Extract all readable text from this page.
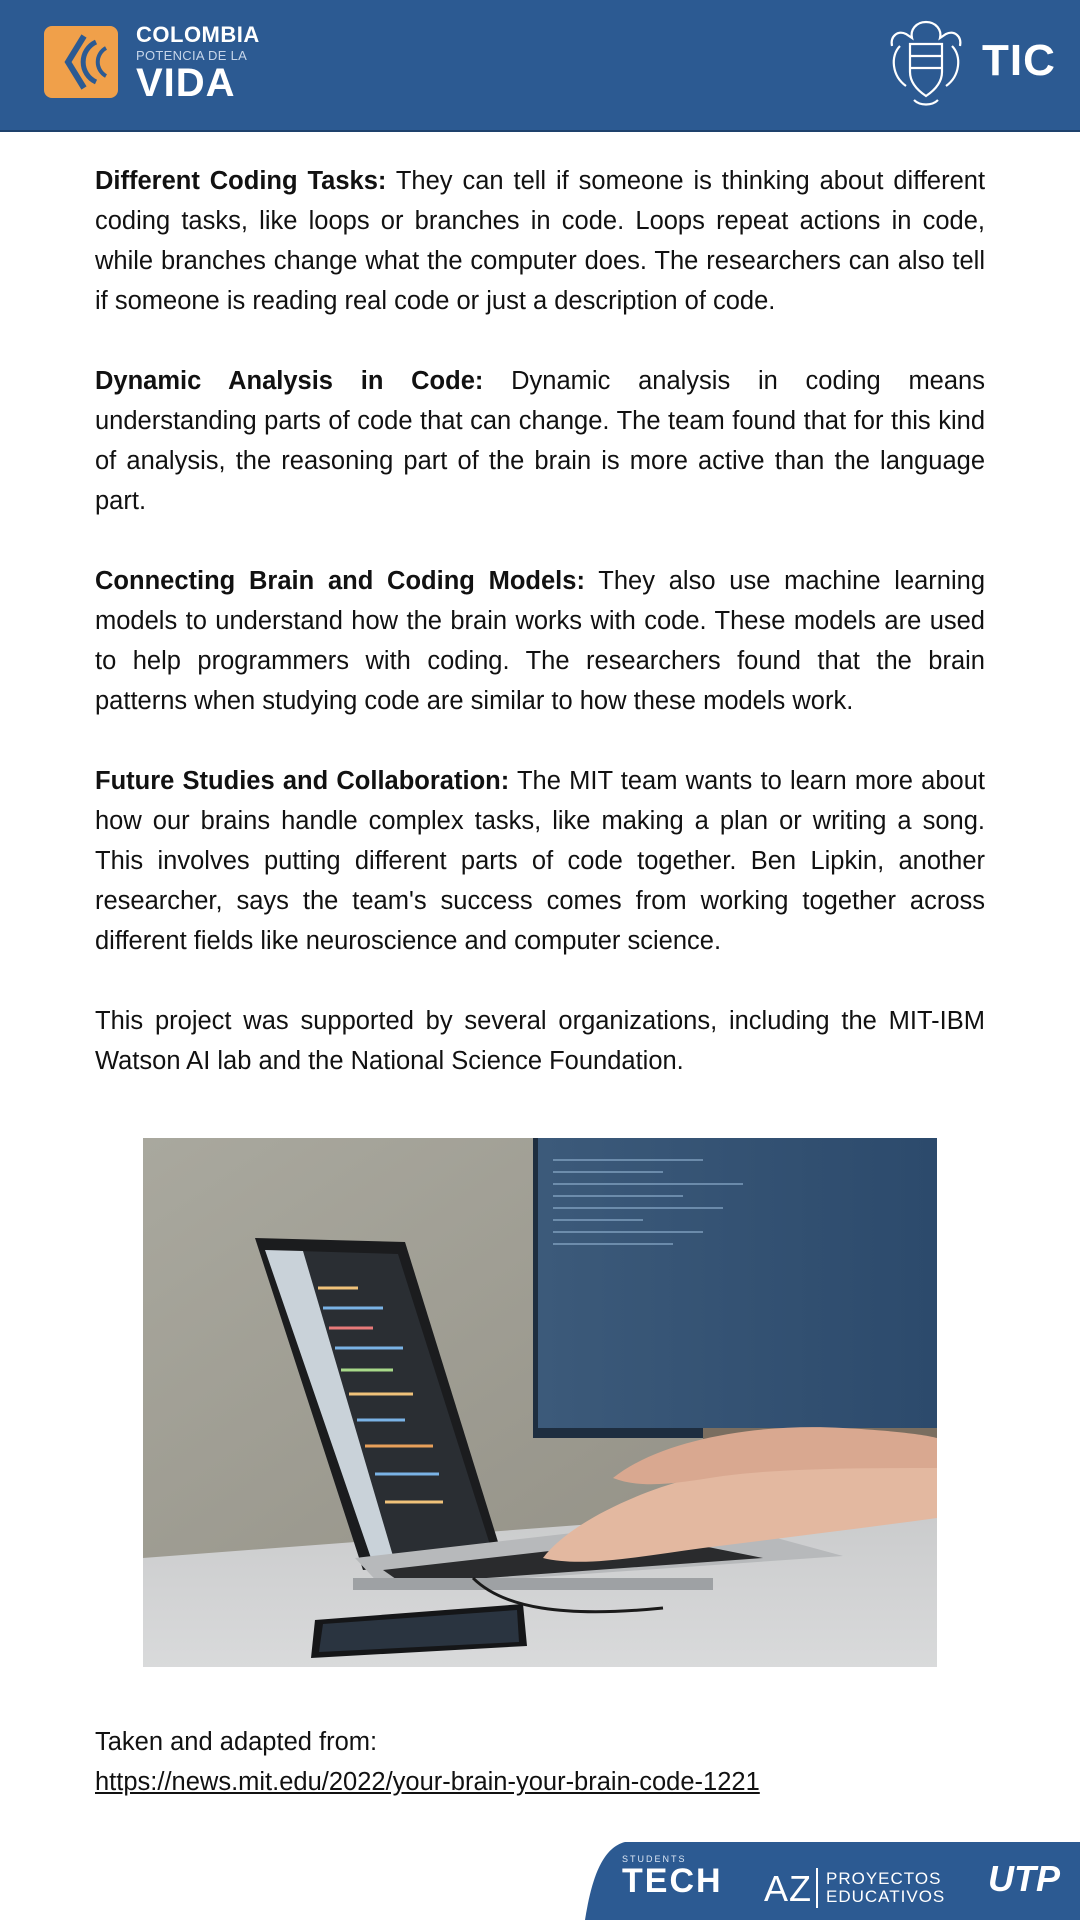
COLOMBIA
POTENCIA DE LA
VIDA	TIC

Different Coding Tasks: They can tell if someone is thinking about different coding tasks, like loops or branches in code. Loops repeat actions in code, while branches change what the computer does. The researchers can also tell if someone is reading real code or just a description of code.

Dynamic Analysis in Code: Dynamic analysis in coding means understanding parts of code that can change. The team found that for this kind of analysis, the reasoning part of the brain is more active than the language part.

Connecting Brain and Coding Models: They also use machine learning models to understand how the brain works with code. These models are used to help programmers with coding. The researchers found that the brain patterns when studying code are similar to how these models work.

Future Studies and Collaboration: The MIT team wants to learn more about how our brains handle complex tasks, like making a plan or writing a song. This involves putting different parts of code together. Ben Lipkin, another researcher, says the team's success comes from working together across different fields like neuroscience and computer science.

This project was supported by several organizations, including the MIT-IBM Watson AI lab and the National Science Foundation.

Taken and adapted from:
https://news.mit.edu/2022/your-brain-your-brain-code-1221
STUDENTS
TECH AZ PROYECTOS
EDUCATIVOS UTP
